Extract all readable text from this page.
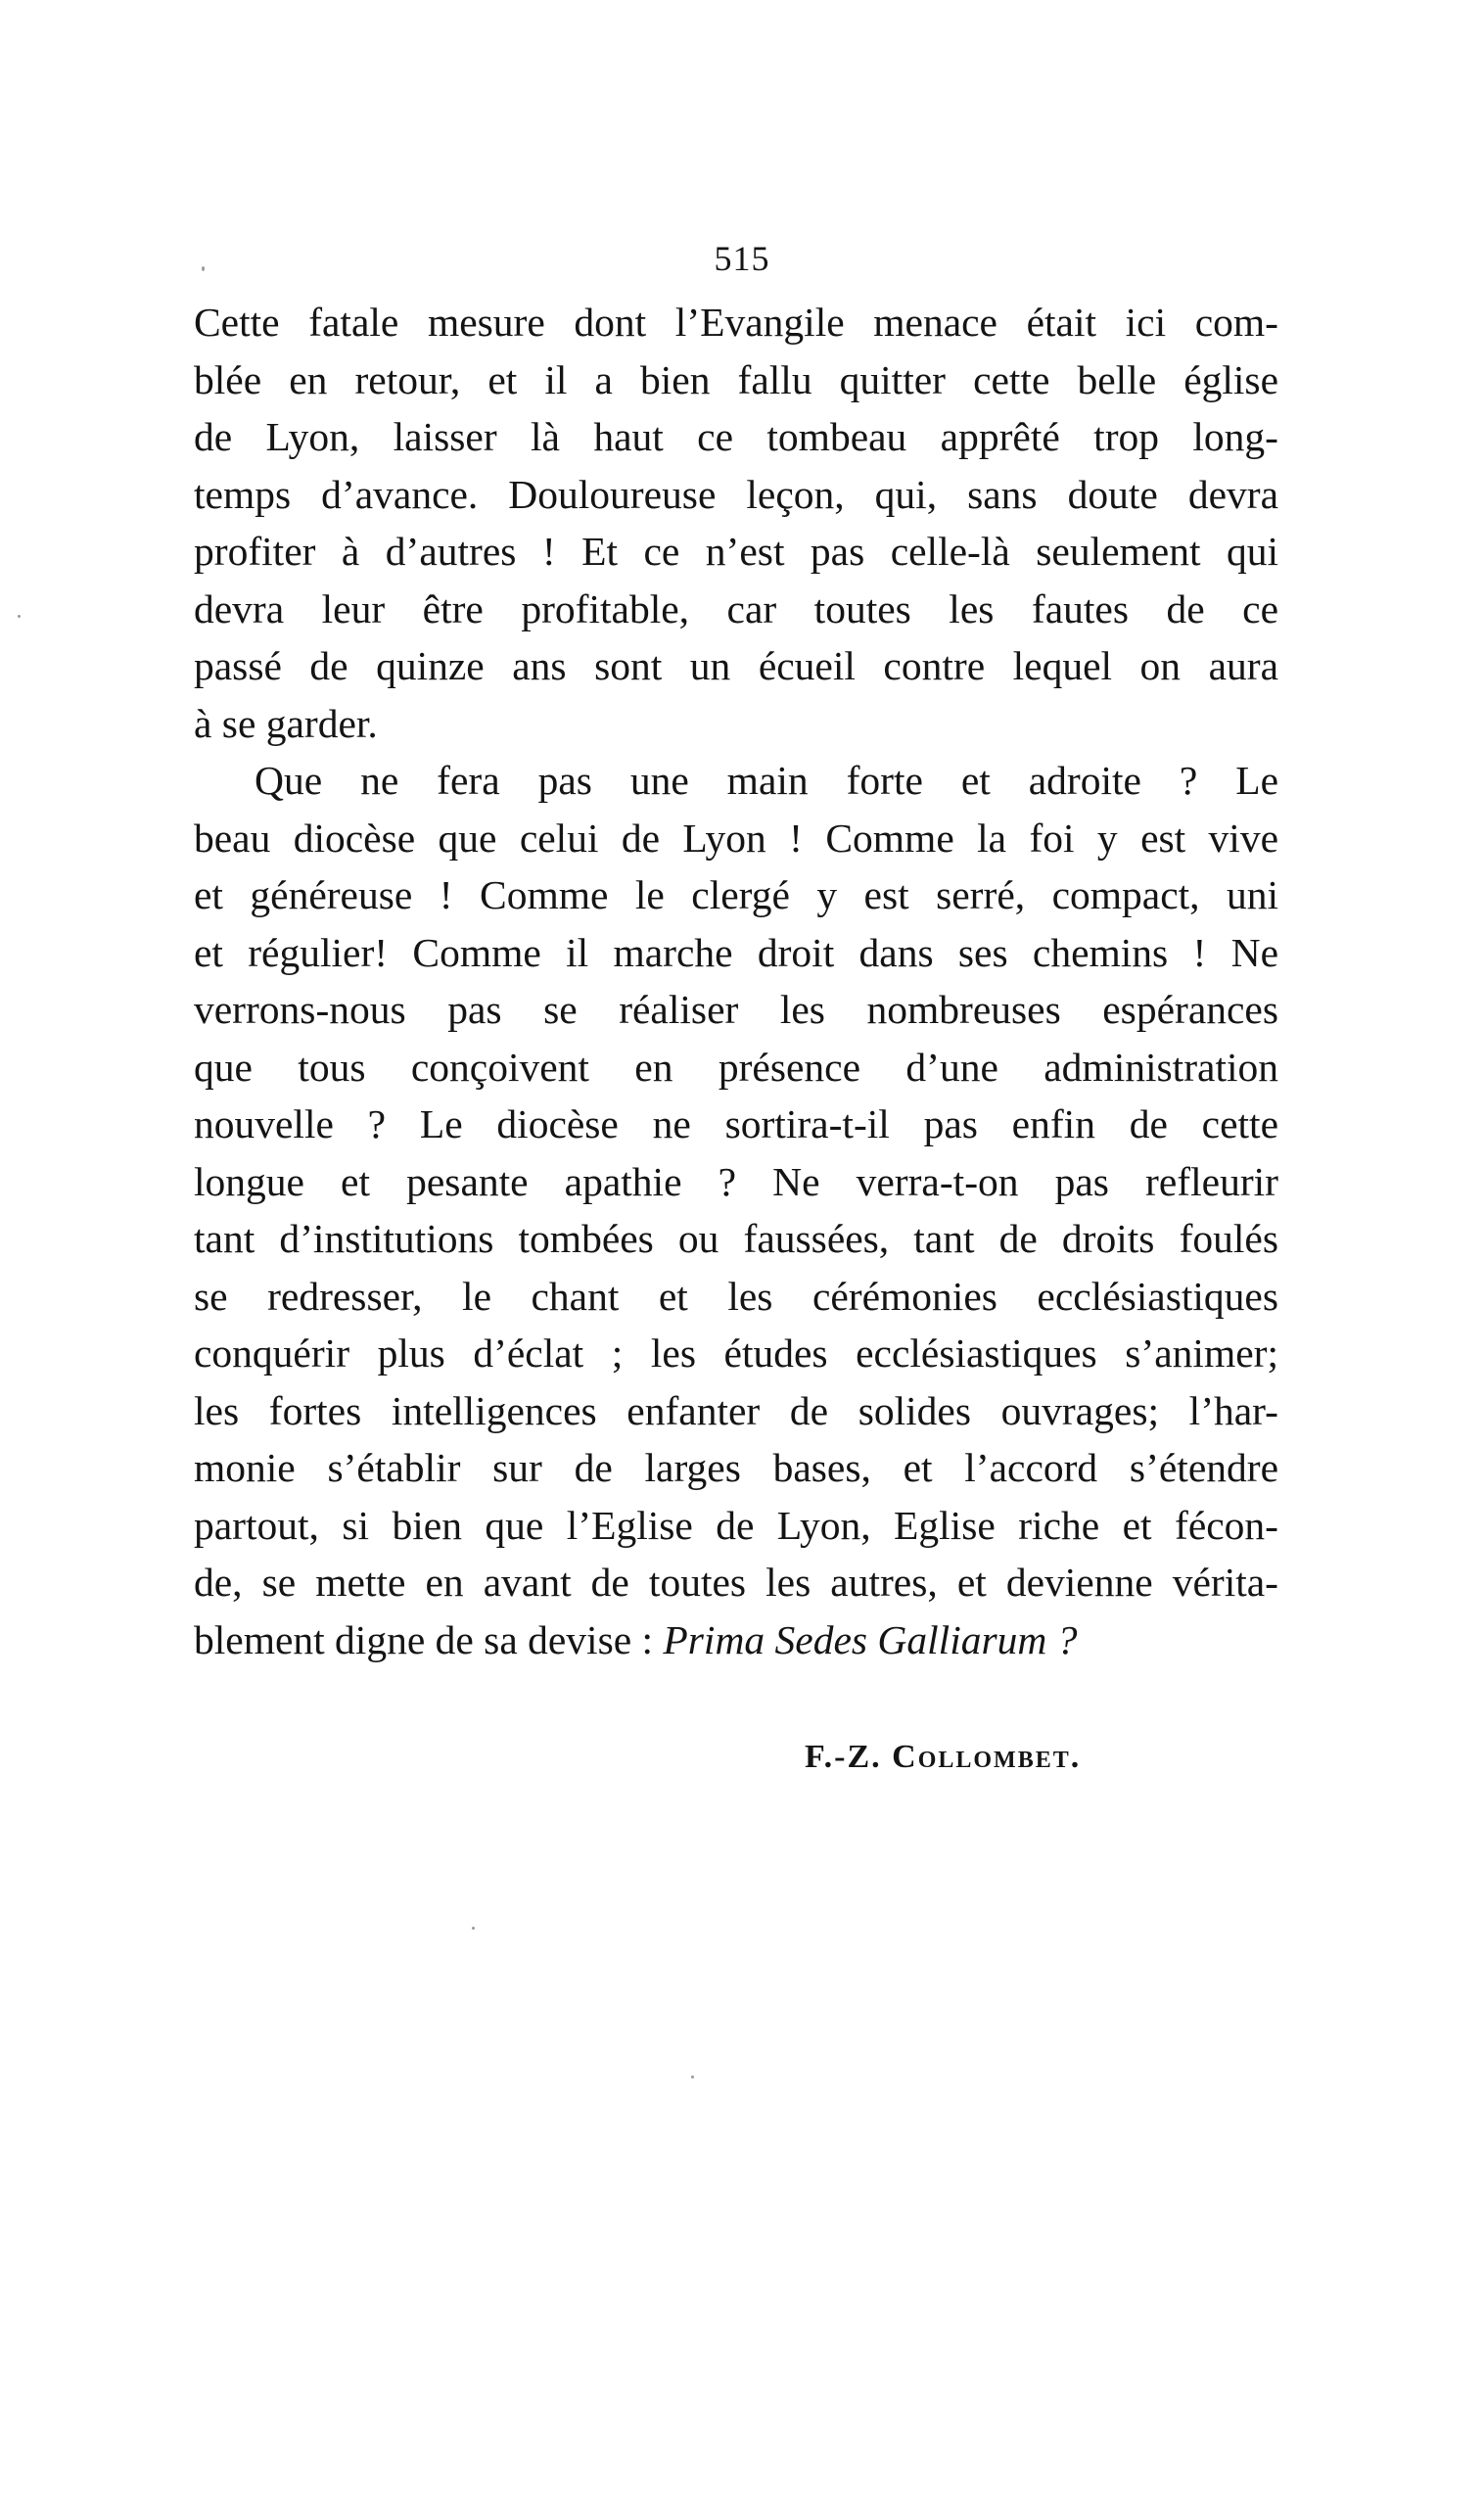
515
Cette fatale mesure dont l’Evangile menace était ici com-
blée en retour, et il a bien fallu quitter cette belle église
de Lyon, laisser là haut ce tombeau apprêté trop long-
temps d’avance. Douloureuse leçon, qui, sans doute devra
profiter à d’autres ! Et ce n’est pas celle-là seulement qui
devra leur être profitable, car toutes les fautes de ce
passé de quinze ans sont un écueil contre lequel on aura
à se garder.
Que ne fera pas une main forte et adroite ? Le
beau diocèse que celui de Lyon ! Comme la foi y est vive
et généreuse ! Comme le clergé y est serré, compact, uni
et régulier! Comme il marche droit dans ses chemins ! Ne
verrons-nous pas se réaliser les nombreuses espérances
que tous conçoivent en présence d’une administration
nouvelle ? Le diocèse ne sortira-t-il pas enfin de cette
longue et pesante apathie ? Ne verra-t-on pas refleurir
tant d’institutions tombées ou faussées, tant de droits foulés
se redresser, le chant et les cérémonies ecclésiastiques
conquérir plus d’éclat ; les études ecclésiastiques s’animer;
les fortes intelligences enfanter de solides ouvrages; l’har-
monie s’établir sur de larges bases, et l’accord s’étendre
partout, si bien que l’Eglise de Lyon, Eglise riche et fécon-
de, se mette en avant de toutes les autres, et devienne vérita-
blement digne de sa devise : Prima Sedes Galliarum ?
F.-Z. Collombet.
